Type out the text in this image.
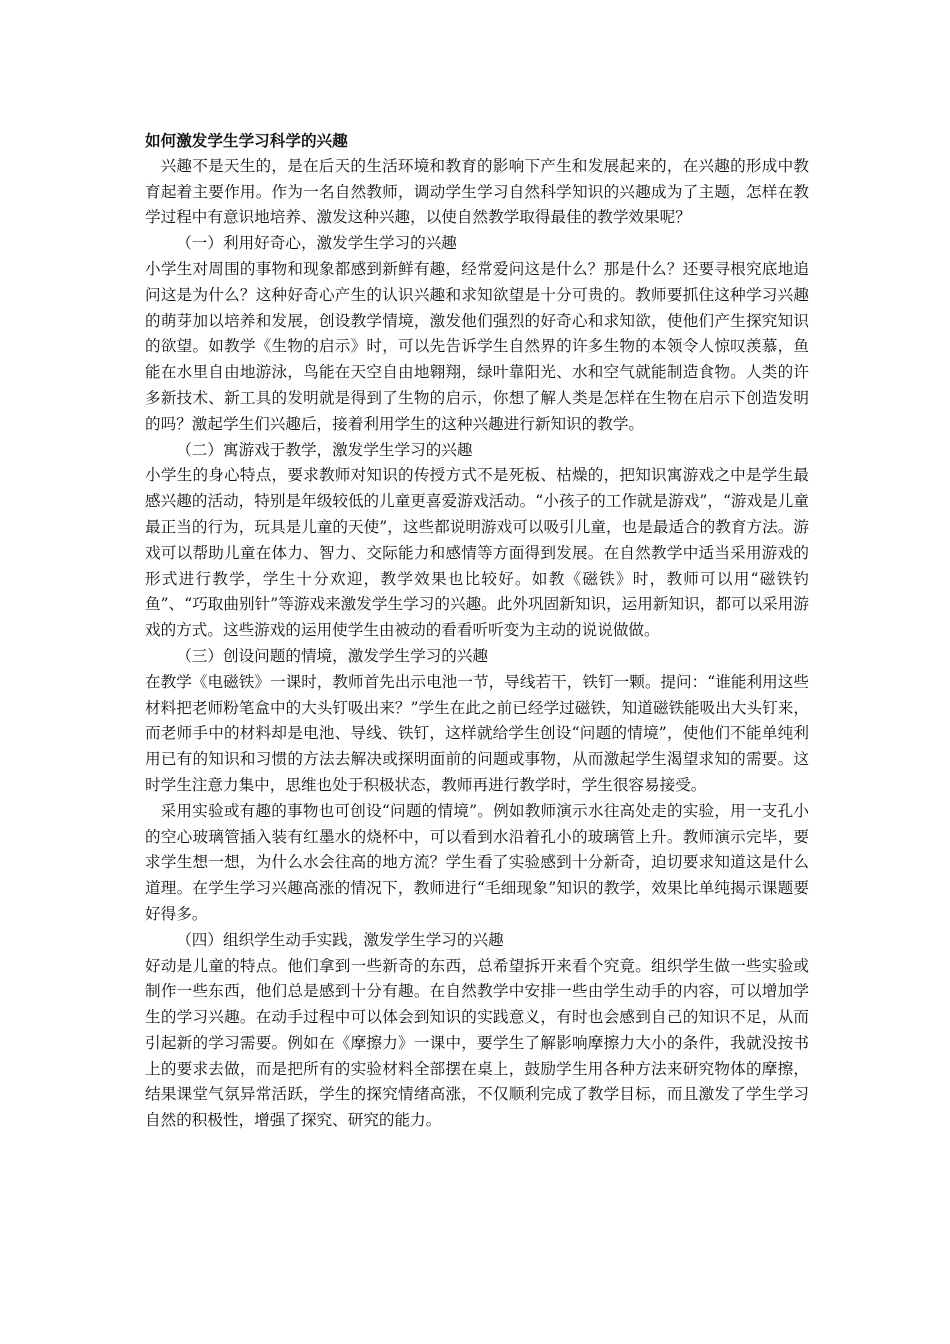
如何激发学生学习科学的兴趣

兴趣不是天生的，是在后天的生活环境和教育的影响下产生和发展起来的，在兴趣的形成中教育起着主要作用。作为一名自然教师，调动学生学习自然科学知识的兴趣成为了主题，怎样在教学过程中有意识地培养、激发这种兴趣，以使自然教学取得最佳的教学效果呢？

（一）利用好奇心，激发学生学习的兴趣

小学生对周围的事物和现象都感到新鲜有趣，经常爱问这是什么？那是什么？还要寻根究底地追问这是为什么？这种好奇心产生的认识兴趣和求知欲望是十分可贵的。教师要抓住这种学习兴趣的萌芽加以培养和发展，创设教学情境，激发他们强烈的好奇心和求知欲，使他们产生探究知识的欲望。如教学《生物的启示》时，可以先告诉学生自然界的许多生物的本领令人惊叹羡慕，鱼能在水里自由地游泳，鸟能在天空自由地翱翔，绿叶靠阳光、水和空气就能制造食物。人类的许多新技术、新工具的发明就是得到了生物的启示，你想了解人类是怎样在生物在启示下创造发明的吗？激起学生们兴趣后，接着利用学生的这种兴趣进行新知识的教学。

（二）寓游戏于教学，激发学生学习的兴趣

小学生的身心特点，要求教师对知识的传授方式不是死板、枯燥的，把知识寓游戏之中是学生最感兴趣的活动，特别是年级较低的儿童更喜爱游戏活动。“小孩子的工作就是游戏”，“游戏是儿童最正当的行为，玩具是儿童的天使”，这些都说明游戏可以吸引儿童，也是最适合的教育方法。游戏可以帮助儿童在体力、智力、交际能力和感情等方面得到发展。在自然教学中适当采用游戏的形式进行教学，学生十分欢迎，教学效果也比较好。如教《磁铁》时，教师可以用“磁铁钓鱼”、“巧取曲别针”等游戏来激发学生学习的兴趣。此外巩固新知识，运用新知识，都可以采用游戏的方式。这些游戏的运用使学生由被动的看看听听变为主动的说说做做。

（三）创设问题的情境，激发学生学习的兴趣

在教学《电磁铁》一课时，教师首先出示电池一节，导线若干，铁钉一颗。提问：“谁能利用这些材料把老师粉笔盒中的大头钉吸出来？”学生在此之前已经学过磁铁，知道磁铁能吸出大头钉来，而老师手中的材料却是电池、导线、铁钉，这样就给学生创设“问题的情境”，使他们不能单纯利用已有的知识和习惯的方法去解决或探明面前的问题或事物，从而激起学生渴望求知的需要。这时学生注意力集中，思维也处于积极状态，教师再进行教学时，学生很容易接受。

采用实验或有趣的事物也可创设“问题的情境”。例如教师演示水往高处走的实验，用一支孔小的空心玻璃管插入装有红墨水的烧杯中，可以看到水沿着孔小的玻璃管上升。教师演示完毕，要求学生想一想，为什么水会往高的地方流？学生看了实验感到十分新奇，迫切要求知道这是什么道理。在学生学习兴趣高涨的情况下，教师进行“毛细现象”知识的教学，效果比单纯揭示课题要好得多。

（四）组织学生动手实践，激发学生学习的兴趣

好动是儿童的特点。他们拿到一些新奇的东西，总希望拆开来看个究竟。组织学生做一些实验或制作一些东西，他们总是感到十分有趣。在自然教学中安排一些由学生动手的内容，可以增加学生的学习兴趣。在动手过程中可以体会到知识的实践意义，有时也会感到自己的知识不足，从而引起新的学习需要。例如在《摩擦力》一课中，要学生了解影响摩擦力大小的条件，我就没按书上的要求去做，而是把所有的实验材料全部摆在桌上，鼓励学生用各种方法来研究物体的摩擦，结果课堂气氛异常活跃，学生的探究情绪高涨，不仅顺利完成了教学目标，而且激发了学生学习自然的积极性，增强了探究、研究的能力。
